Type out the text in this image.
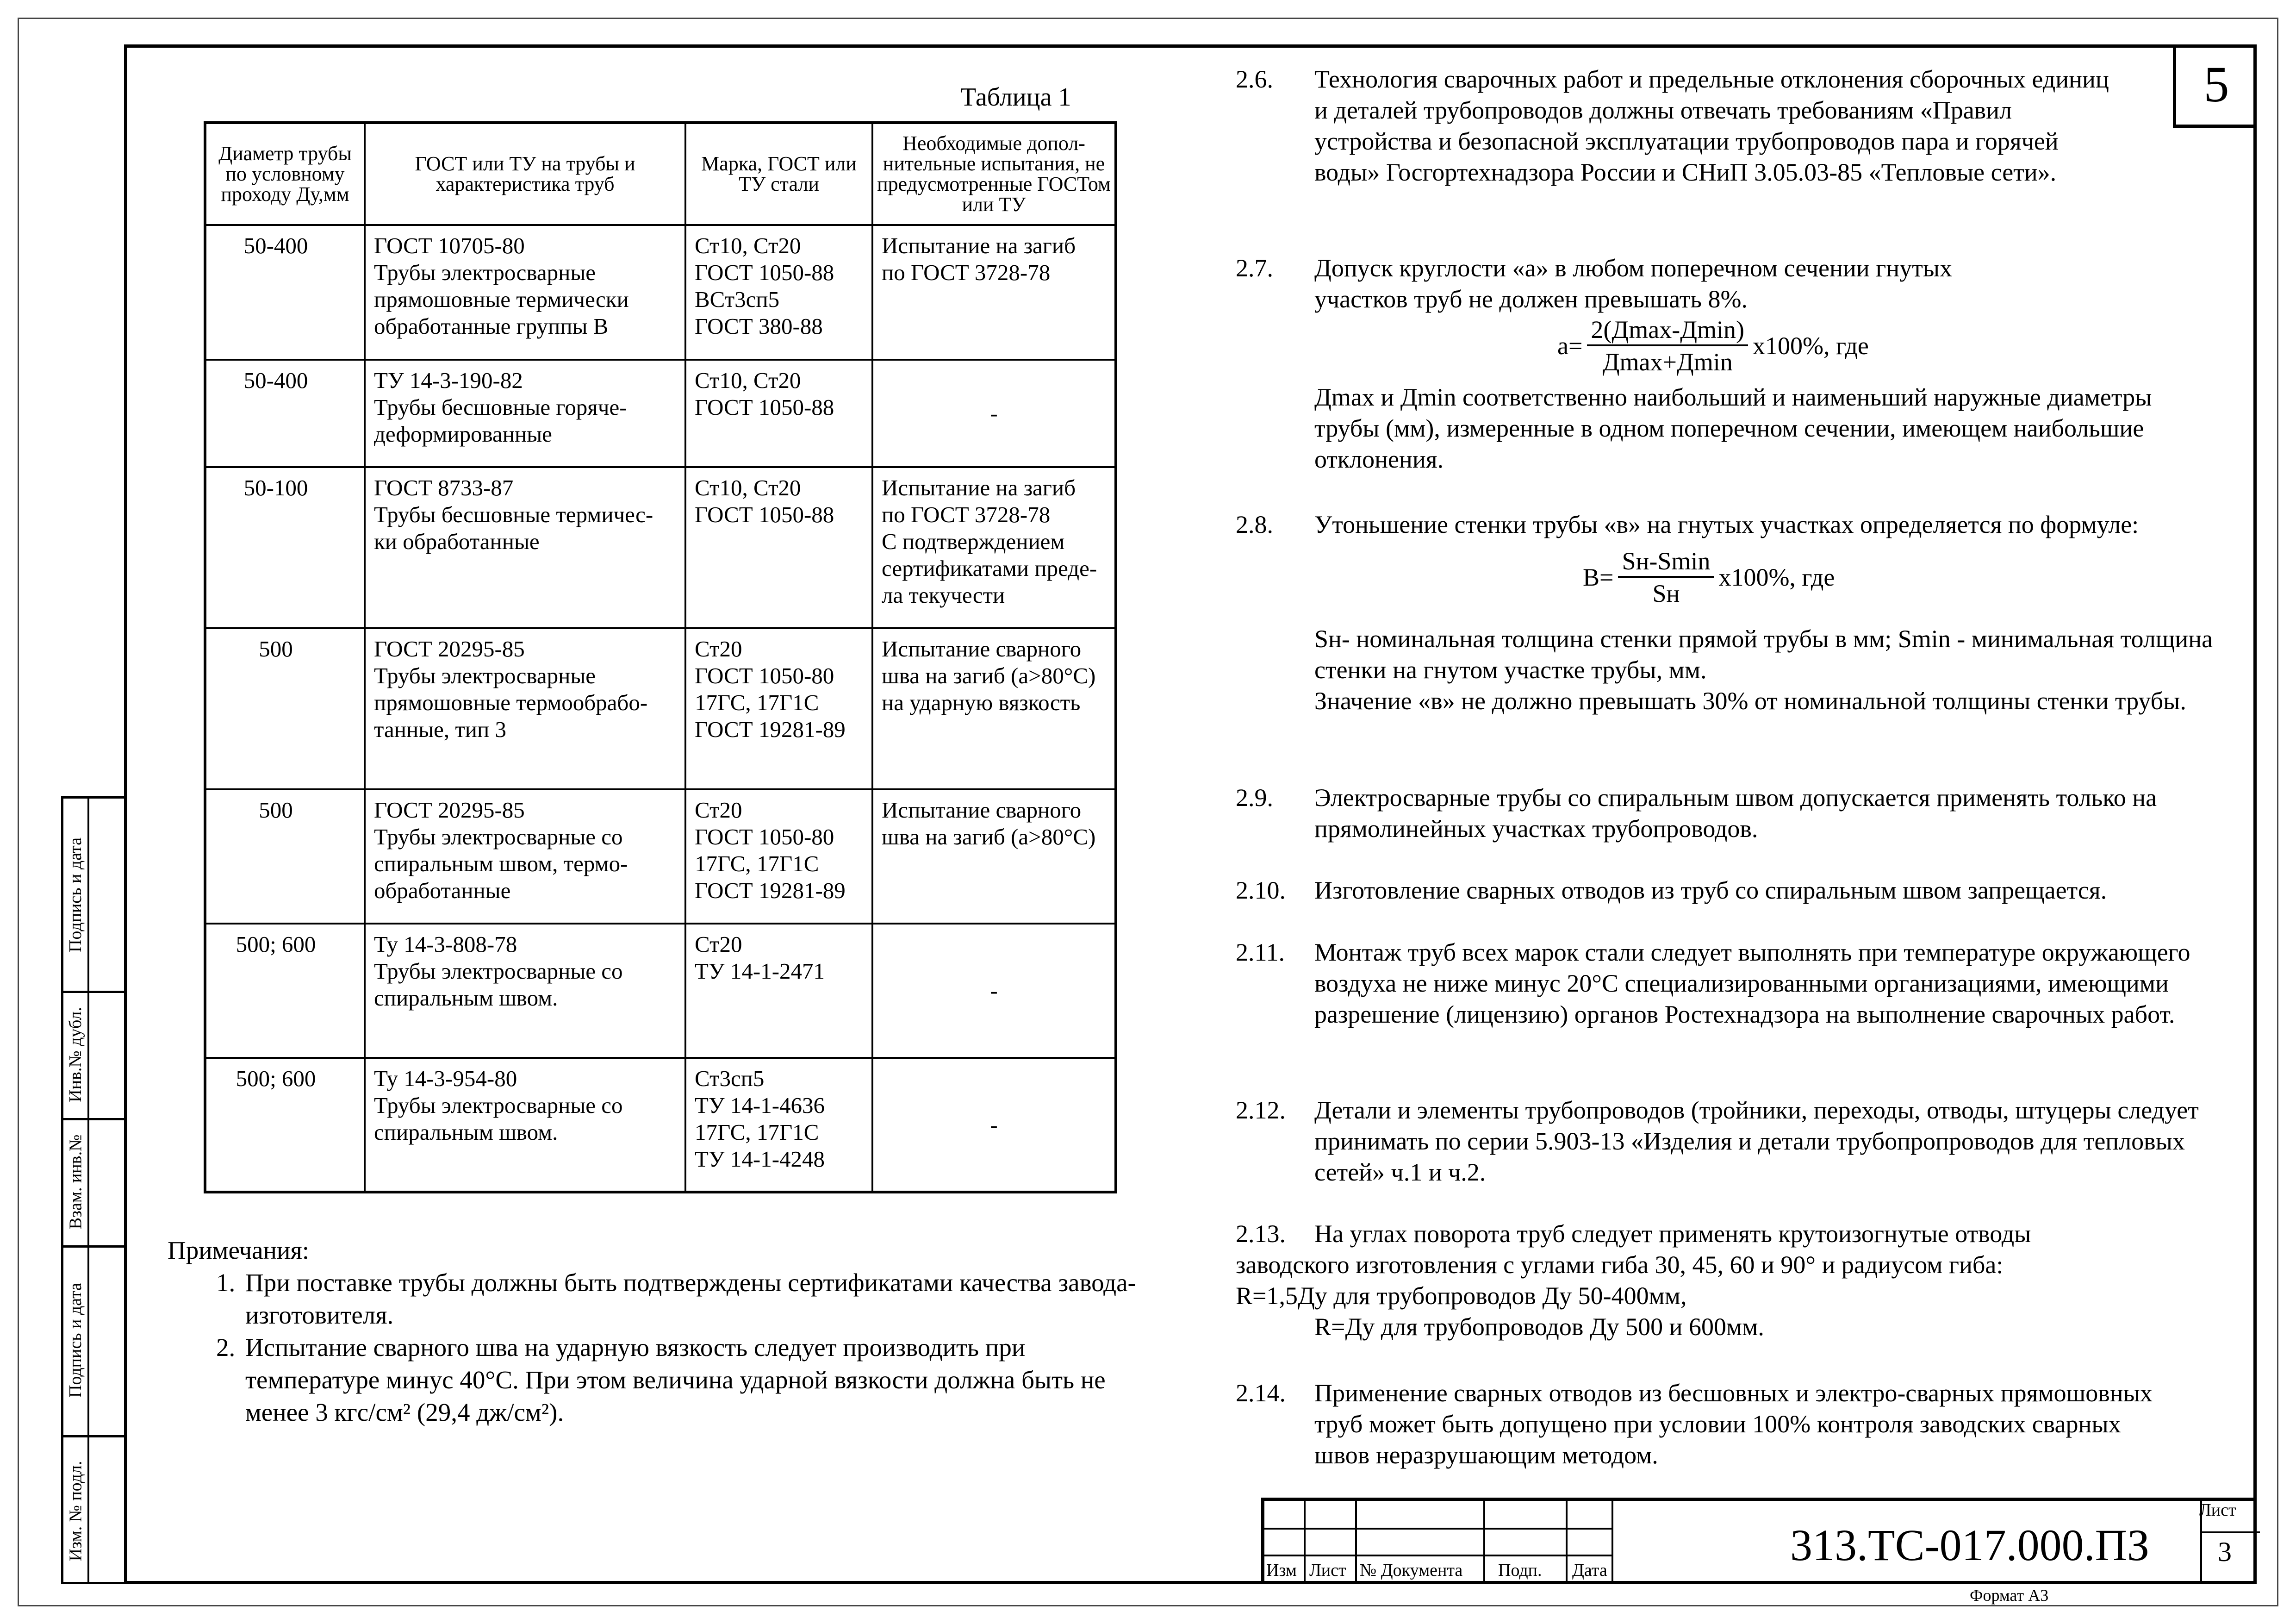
Подпись и дата
Инв.№ дубл.
Взам. инв.№
Подпись и дата
Изм. № подл.
5
Таблица 1
Диаметр трубы по условному проходу Ду,мм	ГОСТ или ТУ на трубы и характеристика труб	Марка, ГОСТ или ТУ стали	Необходимые допол- нительные испытания, не предусмотренные ГОСТом или ТУ
50-400	ГОСТ 10705-80
Трубы электросварные
прямошовные термически
обработанные группы В	Ст10, Ст20
ГОСТ 1050-88
ВСт3сп5
ГОСТ 380-88	Испытание на загиб
по ГОСТ 3728-78

50-400	ТУ 14-3-190-82
Трубы бесшовные горяче-
деформированные	Ст10, Ст20
ГОСТ 1050-88	-
50-100	ГОСТ 8733-87
Трубы бесшовные термичес-
ки обработанные	Ст10, Ст20
ГОСТ 1050-88	Испытание на загиб
по ГОСТ 3728-78
С подтверждением
сертификатами преде-
ла текучести

500	ГОСТ 20295-85
Трубы электросварные
прямошовные термообрабо-
танные, тип 3	Ст20
ГОСТ 1050-80
17ГС, 17Г1С
ГОСТ 19281-89	Испытание сварного
шва на загиб (а>80°С)
на ударную вязкость

500	ГОСТ 20295-85
Трубы электросварные со
спиральным швом, термо-
обработанные	Ст20
ГОСТ 1050-80
17ГС, 17Г1С
ГОСТ 19281-89	Испытание сварного
шва на загиб (а>80°С)

500; 600	Ту 14-3-808-78
Трубы электросварные со
спиральным швом.	Ст20
ТУ 14-1-2471	-
500; 600	Ту 14-3-954-80
Трубы электросварные со
спиральным швом.	Ст3сп5
ТУ 14-1-4636
17ГС, 17Г1С
ТУ 14-1-4248	-
Примечания:
1. При поставке трубы должны быть подтверждены сертификатами качества завода-изготовителя.
2. Испытание сварного шва на ударную вязкость следует производить при температуре минус 40°С. При этом величина ударной вязкости должна быть не менее 3 кгс/см² (29,4 дж/см²).
2.6. Технология сварочных работ и предельные отклонения сборочных единиц и деталей трубопроводов должны отвечать требованиям «Правил устройства и безопасной эксплуатации трубопроводов пара и горячей воды» Госгортехнадзора России и СНиП 3.05.03-85 «Тепловые сети».
2.7. Допуск круглости «а» в любом поперечном сечении гнутых участков труб не должен превышать 8%.
$а= \frac{2(Д\max-Д\min)}{Д\max+Д\min} х100\%$, где
Дmax и Дmin соответственно наибольший и наименьший наружные диаметры трубы (мм), измеренные в одном поперечном сечении, имеющем наибольшие отклонения.
2.8. Утоньшение стенки трубы «в» на гнутых участках определяется по формуле:
$В= \frac{Sн-Smin}{Sн} х100\%$, где
Sн- номинальная толщина стенки прямой трубы в мм; Smin - минимальная толщина стенки на гнутом участке трубы, мм.
Значение «в» не должно превышать 30% от номинальной толщины стенки трубы.
2.9. Электросварные трубы со спиральным швом допускается применять только на прямолинейных участках трубопроводов.
2.10. Изготовление сварных отводов из труб со спиральным швом запрещается.
2.11. Монтаж труб всех марок стали следует выполнять при температуре окружающего воздуха не ниже минус 20°С специализированными организациями, имеющими разрешение (лицензию) органов Ростехнадзора на выполнение сварочных работ.
2.12. Детали и элементы трубопроводов (тройники, переходы, отводы, штуцеры следует принимать по серии 5.903-13 «Изделия и детали трубопропроводов для тепловых сетей» ч.1 и ч.2.
2.13. На углах поворота труб следует применять крутоизогнутые отводы
заводского изготовления с углами гиба 30, 45, 60 и 90° и радиусом гиба:
R=1,5Ду для трубопроводов Ду 50-400мм,
R=Ду для трубопроводов Ду 500 и 600мм.
2.14. Применение сварных отводов из бесшовных и электро-сварных прямошовных труб может быть допущено при условии 100% контроля заводских сварных швов неразрушающим методом.
Изм Лист № Документа Подп. Дата
313.ТС-017.000.ПЗ
Лист
3
Формат А3
